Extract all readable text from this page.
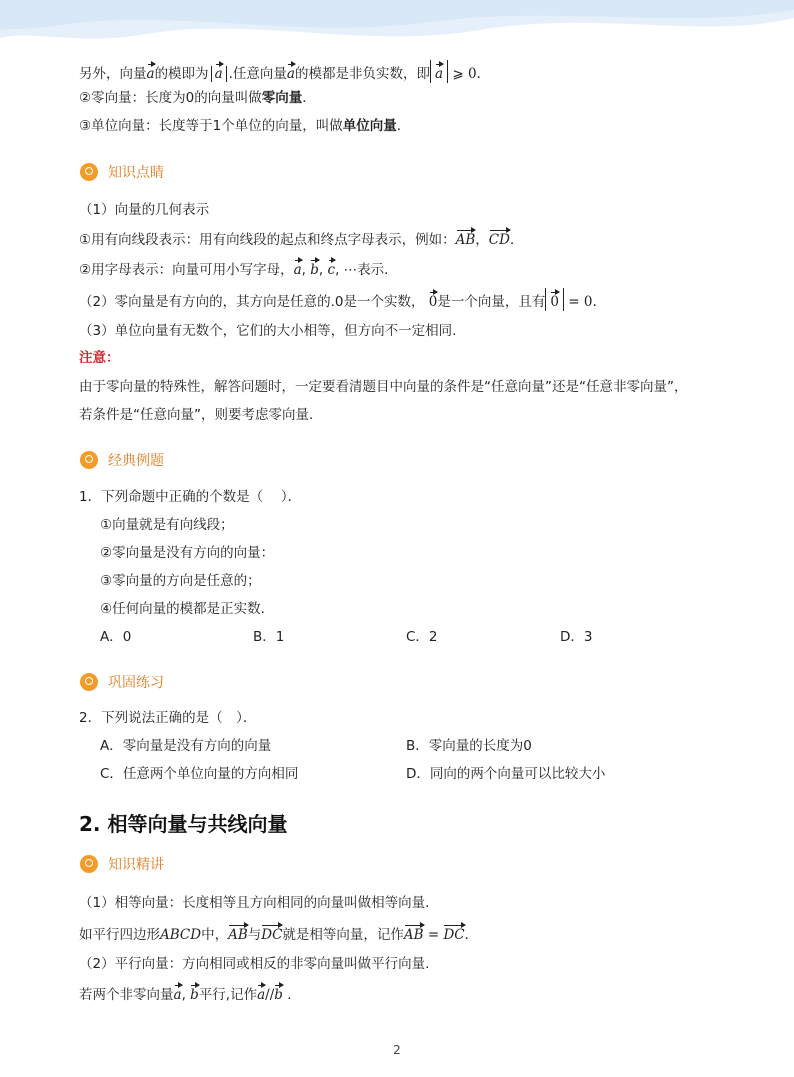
另外，向量a的模即为 a .任意向量a的模都是非负实数，即 a ⩾ 0.
②零向量：长度为0的向量叫做零向量．
③单位向量：长度等于1个单位的向量，叫做单位向量．
知识点睛
（1）向量的几何表示
①用有向线段表示：用有向线段的起点和终点字母表示，例如：AB，CD．
②用字母表示：向量可用小写字母，a, b, c, ⋯表示．
（2）零向量是有方向的，其方向是任意的.0是一个实数， 0是一个向量，且有 0 = 0.
（3）单位向量有无数个，它们的大小相等，但方向不一定相同.
注意：
由于零向量的特殊性，解答问题时，一定要看清题目中向量的条件是“任意向量”还是“任意非零向量”，
若条件是“任意向量”，则要考虑零向量.
经典例题
1．下列命题中正确的个数是（　 ）．
①向量就是有向线段；
②零向量是没有方向的向量：
③零向量的方向是任意的；
④任何向量的模都是正实数．
A．0	B．1	C．2	D．3
巩固练习
2．下列说法正确的是（　）．
A．零向量是没有方向的向量	B．零向量的长度为0
C．任意两个单位向量的方向相同	D．同向的两个向量可以比较大小
2. 相等向量与共线向量
知识精讲
（1）相等向量：长度相等且方向相同的向量叫做相等向量．
如平行四边形ABCD中，AB与DC就是相等向量，记作AB = DC．
（2）平行向量：方向相同或相反的非零向量叫做平行向量.
若两个非零向量a, b平行,记作a//b ．
2
